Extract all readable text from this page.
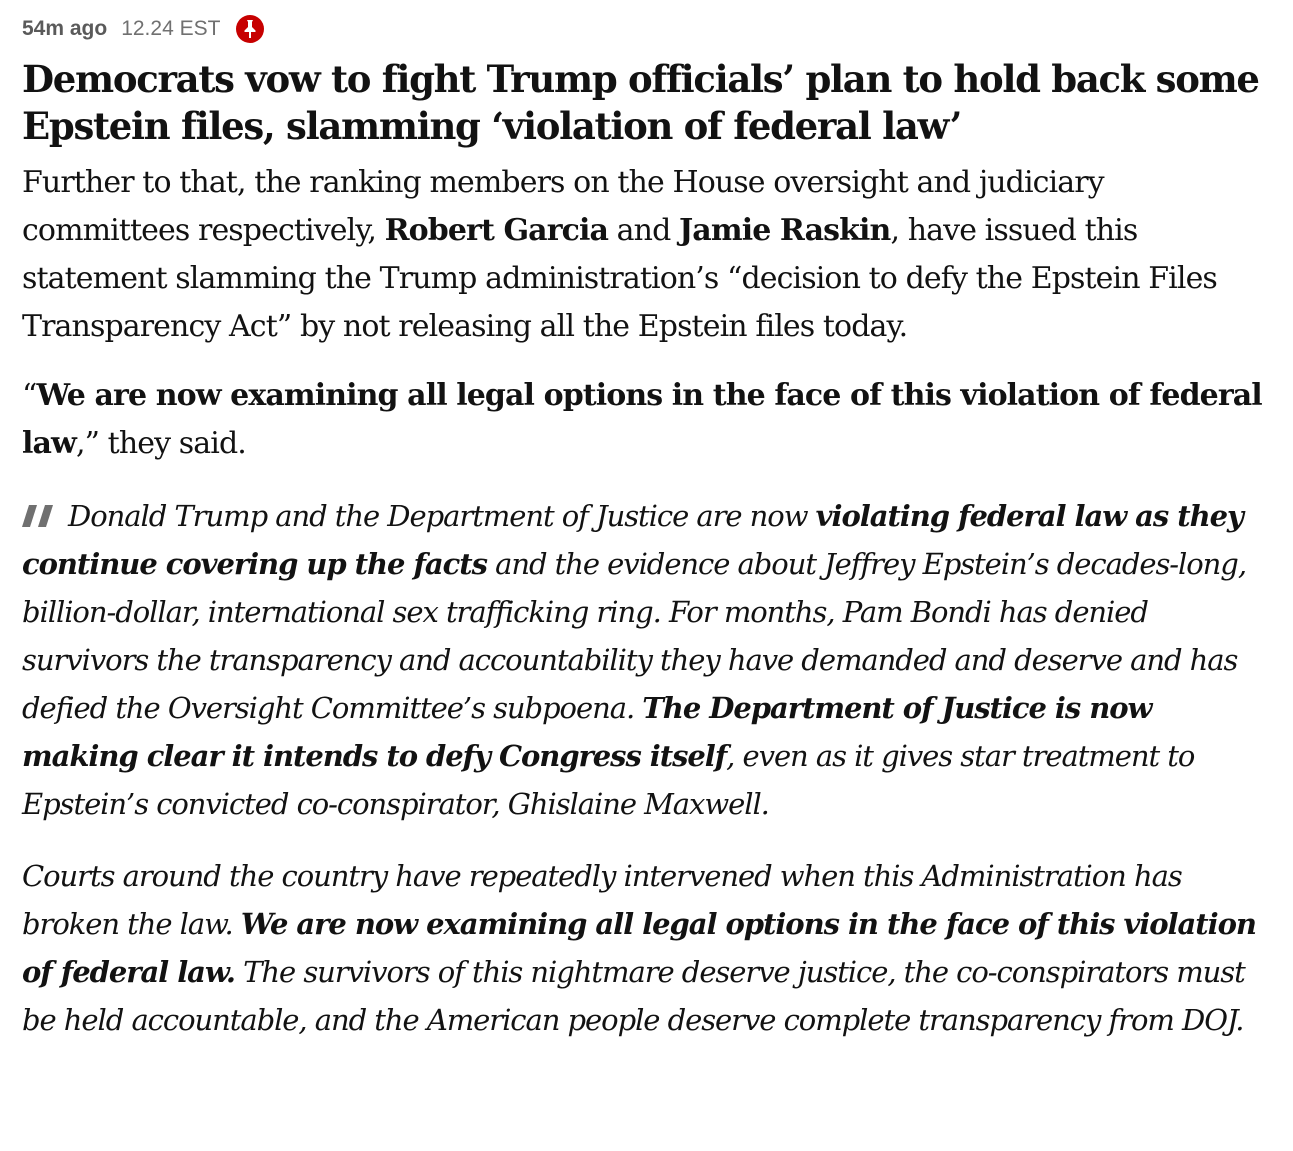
54m ago 12.24 EST
Democrats vow to fight Trump officials’ plan to hold back some Epstein files, slamming ‘violation of federal law’

Further to that, the ranking members on the House oversight and judiciary committees respectively, Robert Garcia and Jamie Raskin, have issued this statement slamming the Trump administration’s “decision to defy the Epstein Files Transparency Act” by not releasing all the Epstein files today.

“We are now examining all legal options in the face of this violation of federal law,” they said.

Donald Trump and the Department of Justice are now violating federal law as they continue covering up the facts and the evidence about Jeffrey Epstein’s decades-long, billion-dollar, international sex trafficking ring. For months, Pam Bondi has denied survivors the transparency and accountability they have demanded and deserve and has defied the Oversight Committee’s subpoena. The Department of Justice is now making clear it intends to defy Congress itself, even as it gives star treatment to Epstein’s convicted co-conspirator, Ghislaine Maxwell.

Courts around the country have repeatedly intervened when this Administration has broken the law. We are now examining all legal options in the face of this violation of federal law. The survivors of this nightmare deserve justice, the co-conspirators must be held accountable, and the American people deserve complete transparency from DOJ.
